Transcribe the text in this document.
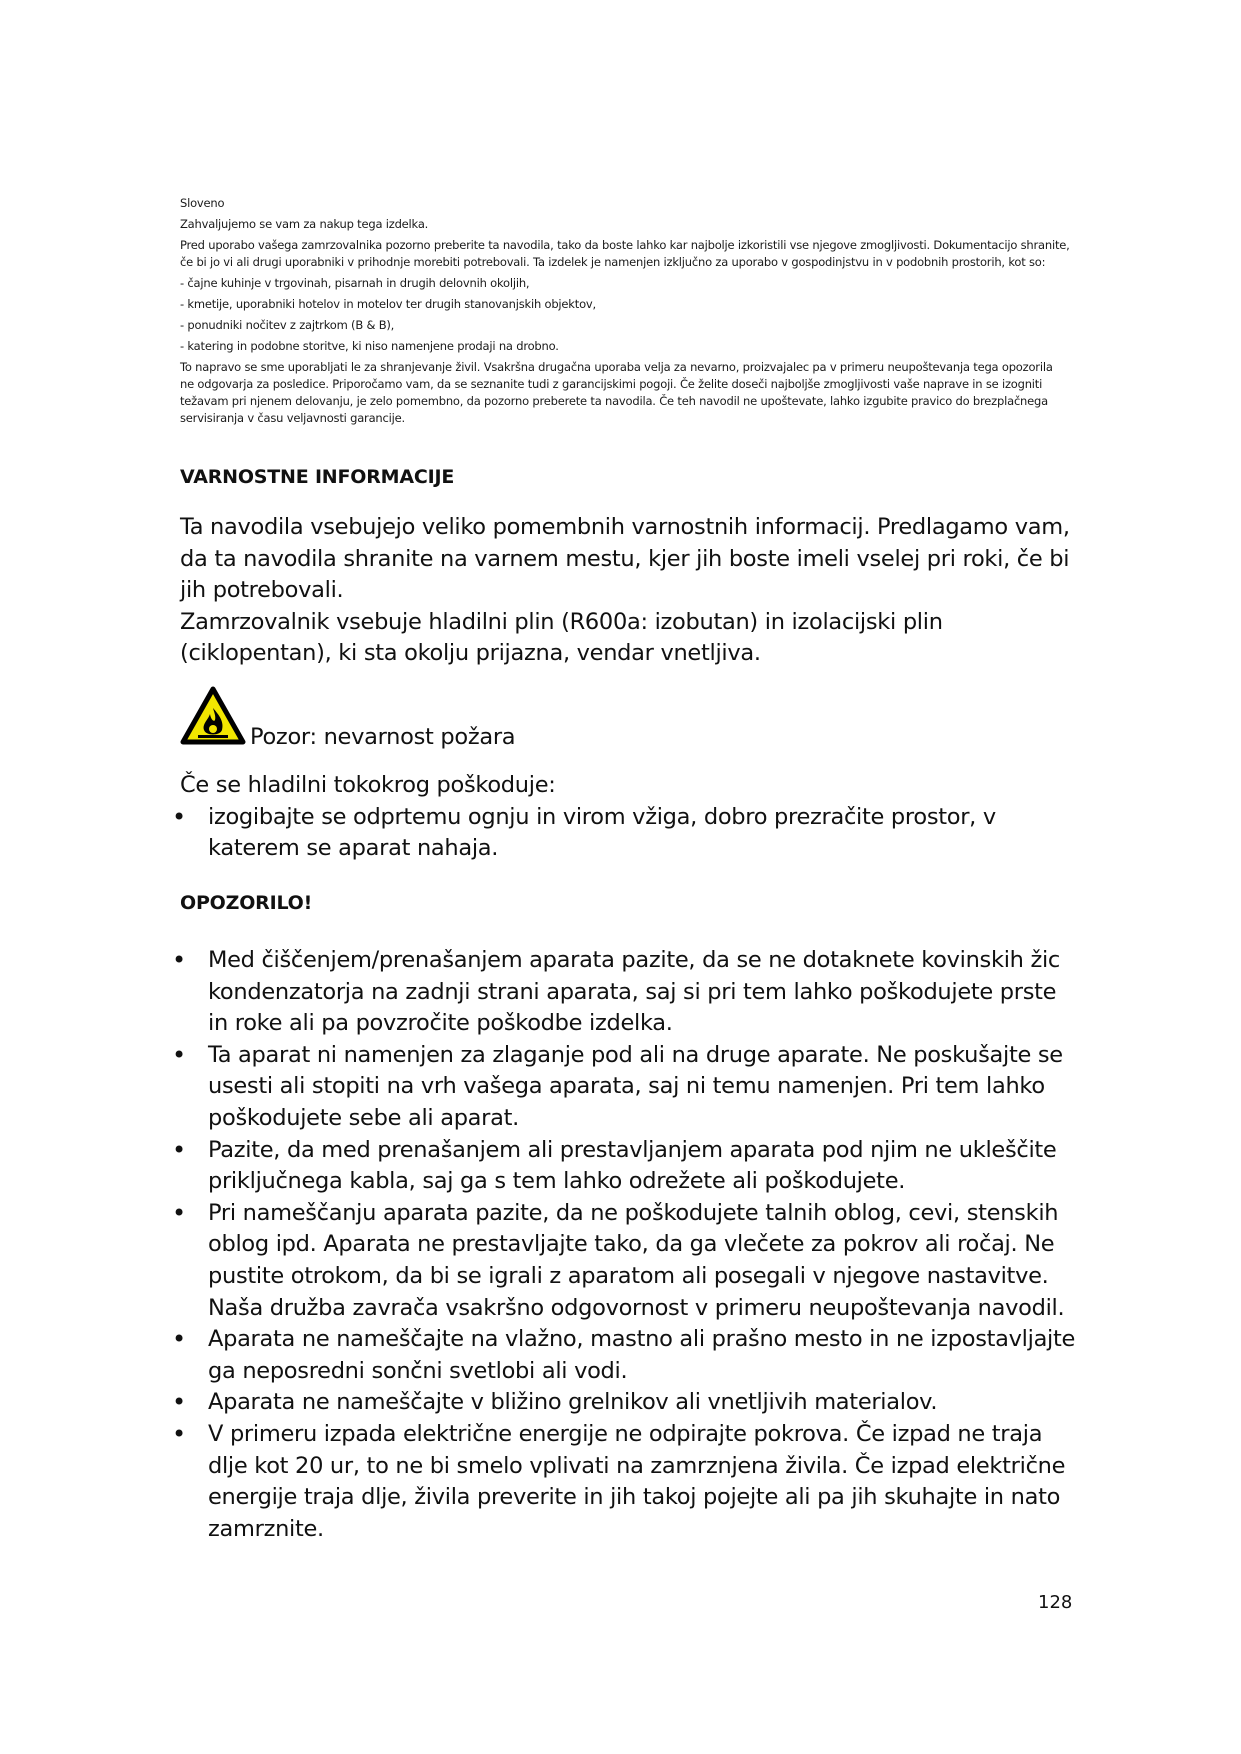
Sloveno

Zahvaljujemo se vam za nakup tega izdelka.

Pred uporabo vašega zamrzovalnika pozorno preberite ta navodila, tako da boste lahko kar najbolje izkoristili vse njegove zmogljivosti. Dokumentacijo shranite, če bi jo vi ali drugi uporabniki v prihodnje morebiti potrebovali. Ta izdelek je namenjen izključno za uporabo v gospodinjstvu in v podobnih prostorih, kot so:

- čajne kuhinje v trgovinah, pisarnah in drugih delovnih okoljih,

- kmetije, uporabniki hotelov in motelov ter drugih stanovanjskih objektov,

- ponudniki nočitev z zajtrkom (B & B),

- katering in podobne storitve, ki niso namenjene prodaji na drobno.

To napravo se sme uporabljati le za shranjevanje živil. Vsakršna drugačna uporaba velja za nevarno, proizvajalec pa v primeru neupoštevanja tega opozorila ne odgovarja za posledice. Priporočamo vam, da se seznanite tudi z garancijskimi pogoji. Če želite doseči najboljše zmogljivosti vaše naprave in se izogniti težavam pri njenem delovanju, je zelo pomembno, da pozorno preberete ta navodila. Če teh navodil ne upoštevate, lahko izgubite pravico do brezplačnega servisiranja v času veljavnosti garancije.

VARNOSTNE INFORMACIJE

Ta navodila vsebujejo veliko pomembnih varnostnih informacij. Predlagamo vam, da ta navodila shranite na varnem mestu, kjer jih boste imeli vselej pri roki, če bi jih potrebovali.

Zamrzovalnik vsebuje hladilni plin (R600a: izobutan) in izolacijski plin (ciklopentan), ki sta okolju prijazna, vendar vnetljiva.

Pozor: nevarnost požara

Če se hladilni tokokrog poškoduje:

• izogibajte se odprtemu ognju in virom vžiga, dobro prezračite prostor, v katerem se aparat nahaja.
OPOZORILO!
• Med čiščenjem/prenašanjem aparata pazite, da se ne dotaknete kovinskih žic kondenzatorja na zadnji strani aparata, saj si pri tem lahko poškodujete prste in roke ali pa povzročite poškodbe izdelka.
• Ta aparat ni namenjen za zlaganje pod ali na druge aparate. Ne poskušajte se usesti ali stopiti na vrh vašega aparata, saj ni temu namenjen. Pri tem lahko poškodujete sebe ali aparat.
• Pazite, da med prenašanjem ali prestavljanjem aparata pod njim ne ukleščite priključnega kabla, saj ga s tem lahko odrežete ali poškodujete.
• Pri nameščanju aparata pazite, da ne poškodujete talnih oblog, cevi, stenskih oblog ipd. Aparata ne prestavljajte tako, da ga vlečete za pokrov ali ročaj. Ne pustite otrokom, da bi se igrali z aparatom ali posegali v njegove nastavitve. Naša družba zavrača vsakršno odgovornost v primeru neupoštevanja navodil.
• Aparata ne nameščajte na vlažno, mastno ali prašno mesto in ne izpostavljajte ga neposredni sončni svetlobi ali vodi.
• Aparata ne nameščajte v bližino grelnikov ali vnetljivih materialov.
• V primeru izpada električne energije ne odpirajte pokrova. Če izpad ne traja dlje kot 20 ur, to ne bi smelo vplivati na zamrznjena živila. Če izpad električne energije traja dlje, živila preverite in jih takoj pojejte ali pa jih skuhajte in nato zamrznite.
128
